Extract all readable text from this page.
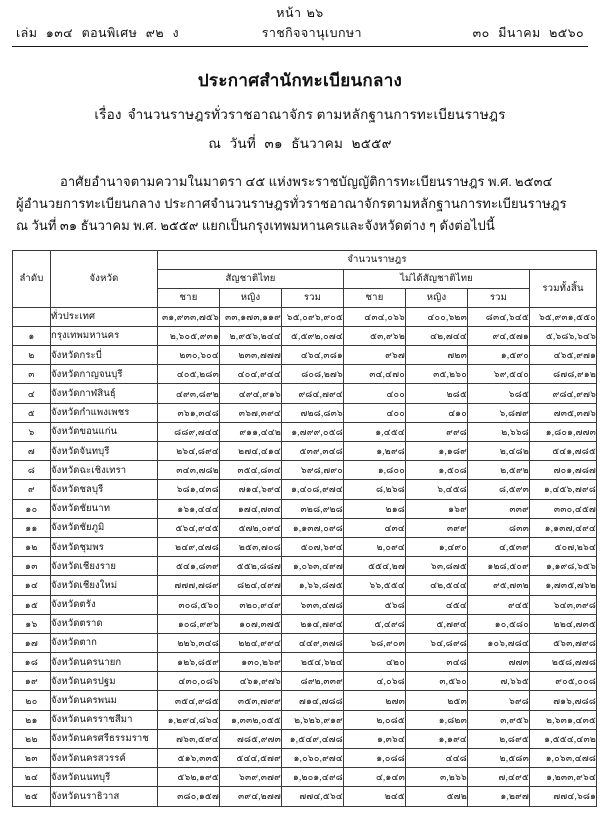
หน้า ๒๖
เล่ม ๑๓๔ ตอนพิเศษ ๙๒ ง	ราชกิจจานุเบกษา	๓๐ มีนาคม ๒๕๖๐
ประกาศสำนักทะเบียนกลาง
เรื่อง จำนวนราษฎรทั่วราชอาณาจักร ตามหลักฐานการทะเบียนราษฎร
ณ วันที่ ๓๑ ธันวาคม ๒๕๕๙

อาศัยอำนาจตามความในมาตรา ๔๕ แห่งพระราชบัญญัติการทะเบียนราษฎร พ.ศ. ๒๕๓๔

ผู้อำนวยการทะเบียนกลาง ประกาศจำนวนราษฎรทั่วราชอาณาจักรตามหลักฐานการทะเบียนราษฎร

ณ วันที่ ๓๑ ธันวาคม พ.ศ. ๒๕๕๙ แยกเป็นกรุงเทพมหานครและจังหวัดต่าง ๆ ดังต่อไปนี้

ลำดับ	จังหวัด	จำนวนราษฎร						
		สัญชาติไทย			ไม่ได้สัญชาติไทย			รวมทั้งสิ้น
		ชาย	หญิง	รวม	ชาย	หญิง	รวม	
	ทั่วประเทศ	๓๑,๙๓๓,๗๕๖	๓๓,๑๗๓,๑๑๙	๖๕,๐๙๖,๙๐๕	๔๓๔,๐๖๖	๔๐๐,๖๒๓	๘๓๔,๖๔๕	๖๕,๙๓๑,๕๕๐
๑	กรุงเทพมหานคร	๒,๖๐๕,๙๓๑	๒,๙๕๖,๒๔๔	๕,๕๙๒,๐๗๔	๕๓,๙๖๒	๔๒,๗๔๔	๙๔,๕๗๑	๕,๖๘๖,๖๔๖
๒	จังหวัดกระบี่	๒๓๐,๖๐๔	๒๓๓,๗๗๗	๔๖๔,๓๘๑	๙๖๗	๗๒๓	๑,๕๙๐	๔๖๕,๙๗๑
๓	จังหวัดกาญจนบุรี	๔๐๕,๒๘๓	๔๐๔,๙๔๔	๘๐๘,๒๗๖	๓๔,๔๗๐	๓๕,๒๖๐	๖๙,๕๔๐	๘๗๘,๙๑๒
๔	จังหวัดกาฬสินธุ์	๔๙๓,๘๙๒	๔๙๔,๙๑๖	๙๘๔,๗๙๔	๔๐๐	๒๘๕	๖๘๕	๙๘๔,๙๗๖
๕	จังหวัดกำแพงเพชร	๓๖๑,๓๔๘	๓๖๗,๓๙๔	๗๒๘,๘๓๖	๔๐๐	๔๑๐	๖,๘๗๙	๗๓๕,๓๗๖
๖	จังหวัดขอนแก่น	๘๘๙,๗๔๔	๙๑๑,๔๔๒	๑,๗๙๙,๐๕๘	๑,๔๕๔	๙๙๘	๒,๖๖๘	๑,๘๐๑,๗๗๓
๗	จังหวัดจันทบุรี	๒๖๔,๘๙๔	๒๗๔,๔๑๔	๕๓๙,๓๔๘	๑,๒๙๘	๑,๑๘๙	๒,๔๘๒	๕๔๑,๗๘๕
๘	จังหวัดฉะเชิงเทรา	๓๔๓,๗๘๒	๓๕๔,๘๓๔	๖๙๘,๗๙๐	๑,๘๐๐	๑,๕๐๘	๒,๕๙๒	๗๐๑,๗๘๗
๙	จังหวัดชลบุรี	๖๘๑,๔๓๘	๗๑๔,๖๙๔	๑,๔๐๘,๙๗๔	๘,๒๖๘	๖,๔๕๘	๘,๕๙๓	๑,๔๕๖,๗๙๘
๑๐	จังหวัดชัยนาท	๑๖๑,๔๔๔	๑๗๔,๗๓๔	๓๒๘,๙๒๘	๒๑๘	๑๖๙	๓๓๙	๓๓๐,๔๕๗
๑๑	จังหวัดชัยภูมิ	๕๖๔,๙๔๕	๕๗๒,๐๙๔	๑,๑๓๗,๐๙๘	๔๓๔	๓๙๙	๘๓๓	๑,๑๓๗,๔๙๔
๑๒	จังหวัดชุมพร	๒๔๙,๔๗๘	๒๕๓,๗๐๘	๕๐๗,๖๙๔	๒,๐๙๔	๑,๔๙๐	๔,๕๓๙	๕๐๗,๒๖๔
๑๓	จังหวัดเชียงราย	๕๔๑,๘๓๙	๕๕๒,๘๘๗	๑,๐๖๓,๔๙๗	๕๕๔,๒๗	๖๓,๘๗๕	๑๒๘,๕๐๙	๑,๑๙๘,๖๕๖
๑๔	จังหวัดเชียงใหม่	๗๗๗,๗๘๙	๘๒๔,๔๙๗	๑,๖๖,๘๗๕	๖๖,๕๕๔	๔๒,๕๔๔	๙๕,๗๓๒	๑,๗๓๕,๗๖๒
๑๕	จังหวัดตรัง	๓๐๘,๕๖๐	๓๒๐,๙๔๙	๖๓๓,๔๗๘	๕๖๘	๔๕๔	๙๔๕	๖๔๓,๓๙๘
๑๖	จังหวัดตราด	๑๐๘,๙๙๖	๑๐๗,๓๗๕	๒๑๔,๗๙๔	๕,๔๙๘	๕,๗๙๔	๑๐,๕๘๐	๒๒๔,๗๓๕
๑๗	จังหวัดตาก	๒๒๖,๓๔๘	๒๒๔,๙๙๔	๔๔๙,๓๗๘	๖๘,๙๐๓	๖๔,๘๙๘	๑๐๖,๗๘๔	๕๖๓,๗๙๘
๑๘	จังหวัดนครนายก	๑๒๖,๘๕๙	๑๓๐,๒๖๙	๒๕๔,๖๒๔	๔๒๐	๓๔๘	๗๗๓	๒๕๘,๗๗๘
๑๙	จังหวัดนครปฐม	๔๓๐,๐๘๖	๔๖๑,๙๗๖	๘๙๒,๓๓๙	๔,๐๖๘	๓,๕๖๐	๗,๖๖๕	๙๐๕,๐๐๘
๒๐	จังหวัดนครพนม	๓๕๔,๙๘๕	๓๕๓,๗๙๙	๗๑๔,๗๘๘	๒๗๓	๒๕๓	๖๙๘	๗๑๖,๗๘๘
๒๑	จังหวัดนครราชสีมา	๑,๒๙๔,๘๖๔	๑,๓๓๒,๐๕๕	๒,๖๒๖,๙๑๙	๒,๐๘๕	๑,๘๒๓	๓,๙๕๖	๒,๖๓๑,๔๓๕
๒๒	จังหวัดนครศรีธรรมราช	๗๖๓,๕๙๔	๗๘๕,๙๗๓	๑,๕๔๙,๔๗๘	๑,๓๖๔	๑,๑๙๔	๒,๘๙๕	๑,๕๕๔,๔๓๒
๒๓	จังหวัดนครสวรรค์	๕๑๖,๓๓๕	๕๔๔,๕๗๙	๑,๐๖๐,๙๗๔	๑,๐๘๘	๔๔๘	๒,๕๘๓	๑,๐๖๓,๔๗๘
๒๔	จังหวัดนนทบุรี	๕๖๒,๑๙๕	๖๓๙,๓๗๙	๑,๒๐๑,๔๙๘	๔,๑๔๓	๓,๒๖๖	๗,๔๙๕	๑,๒๓๓,๙๖๔
๒๕	จังหวัดนราธิวาส	๓๘๐,๑๕๗	๓๙๔,๒๗๗	๗๗๔,๕๖๔	๒๔๕	๕๗๒	๑,๒๙๗	๗๗๔,๖๘๑
